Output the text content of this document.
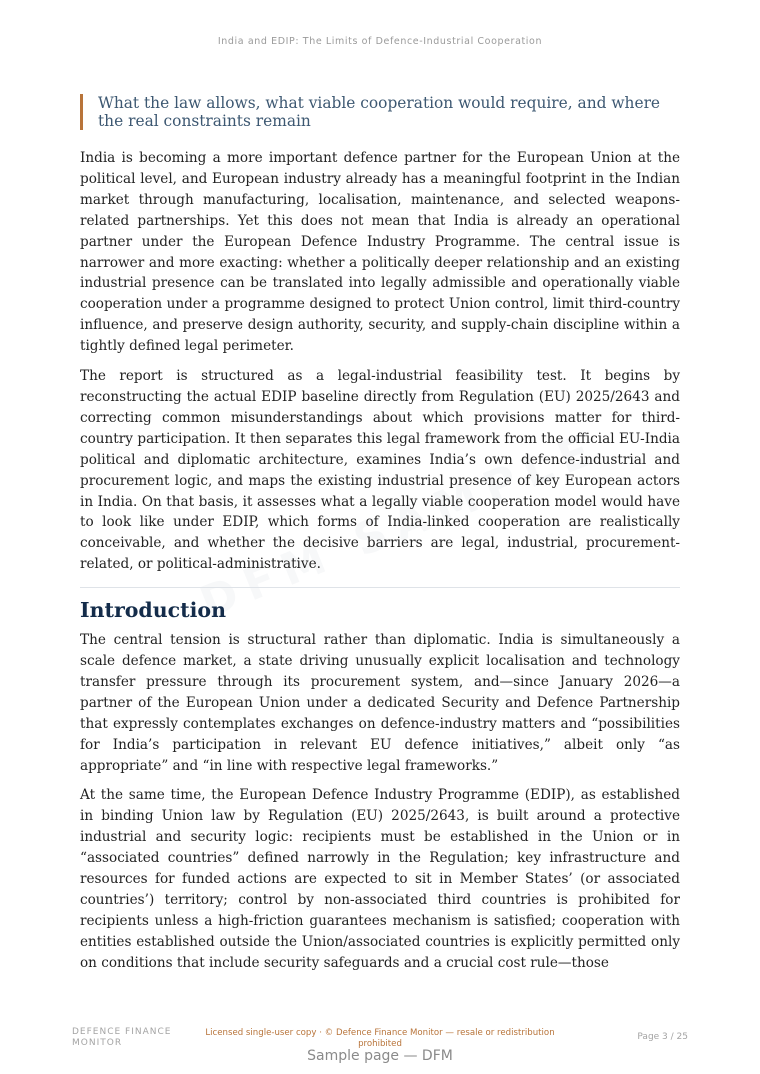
India and EDIP: The Limits of Defence-Industrial Cooperation
What the law allows, what viable cooperation would require, and where the real constraints remain

India is becoming a more important defence partner for the European Union at the political level, and European industry already has a meaningful footprint in the Indian market through manufacturing, localisation, maintenance, and selected weapons-related partnerships. Yet this does not mean that India is already an operational partner under the European Defence Industry Programme. The central issue is narrower and more exacting: whether a politically deeper relationship and an existing industrial presence can be translated into legally admissible and operationally viable cooperation under a programme designed to protect Union control, limit third-country influence, and preserve design authority, security, and supply-chain discipline within a tightly defined legal perimeter.

The report is structured as a legal-industrial feasibility test. It begins by reconstructing the actual EDIP baseline directly from Regulation (EU) 2025/2643 and correcting common misunderstandings about which provisions matter for third-country participation. It then separates this legal framework from the official EU-India political and diplomatic architecture, examines India’s own defence-industrial and procurement logic, and maps the existing industrial presence of key European actors in India. On that basis, it assesses what a legally viable cooperation model would have to look like under EDIP, which forms of India-linked cooperation are realistically conceivable, and whether the decisive barriers are legal, industrial, procurement-related, or political-administrative.

Introduction

The central tension is structural rather than diplomatic. India is simultaneously a scale defence market, a state driving unusually explicit localisation and technology transfer pressure through its procurement system, and—since January 2026—a partner of the European Union under a dedicated Security and Defence Partnership that expressly contemplates exchanges on defence-industry matters and “possibilities for India’s participation in relevant EU defence initiatives,” albeit only “as appropriate” and “in line with respective legal frameworks.”

At the same time, the European Defence Industry Programme (EDIP), as established in binding Union law by Regulation (EU) 2025/2643, is built around a protective industrial and security logic: recipients must be established in the Union or in “associated countries” defined narrowly in the Regulation; key infrastructure and resources for funded actions are expected to sit in Member States’ (or associated countries’) territory; control by non-associated third countries is prohibited for recipients unless a high-friction guarantees mechanism is satisfied; cooperation with entities established outside the Union/associated countries is explicitly permitted only on conditions that include security safeguards and a crucial cost rule—those

DEFENCE FINANCE MONITOR
Licensed single-user copy · © Defence Finance Monitor — resale or redistribution prohibited
Page 3 / 25
Sample page — DFM
